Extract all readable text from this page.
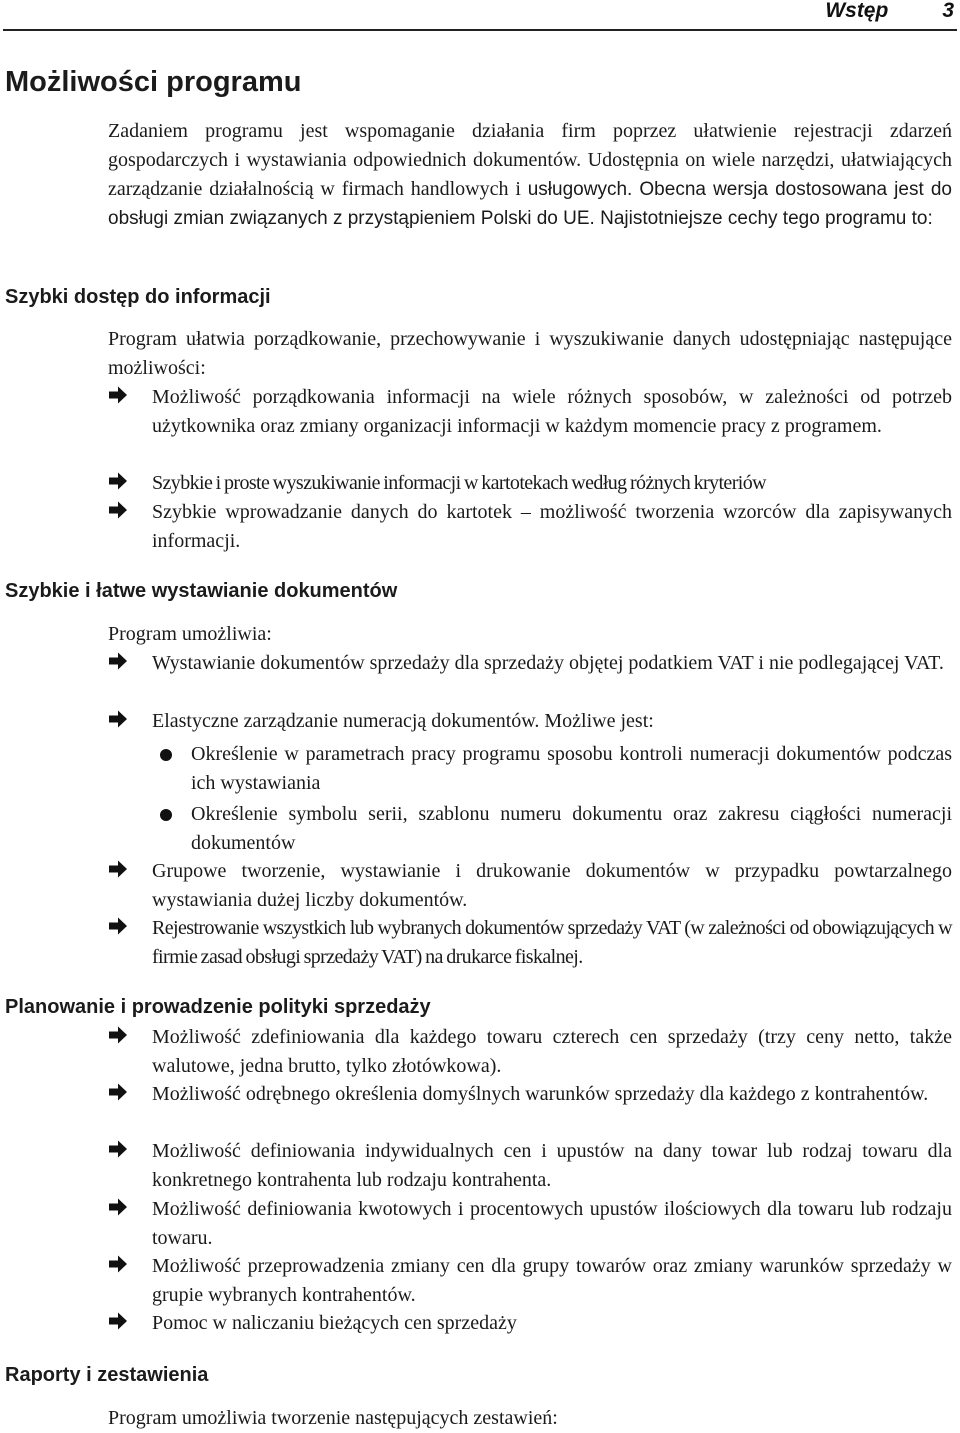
Wstęp	3
Możliwości programu

Zadaniem programu jest wspomaganie działania firm poprzez ułatwienie rejestracji zdarzeń gospodarczych i wystawiania odpowiednich dokumentów. Udostępnia on wiele narzędzi, ułatwiających zarządzanie działalnością w firmach handlowych i usługowych. Obecna wersja dostosowana jest do obsługi zmian związanych z przystąpieniem Polski do UE. Najistotniejsze cechy tego programu to:

Szybki dostęp do informacji

Program ułatwia porządkowanie, przechowywanie i wyszukiwanie danych udostępniając następujące możliwości:

Możliwość porządkowania informacji na wiele różnych sposobów, w zależności od potrzeb użytkownika oraz zmiany organizacji informacji w każdym momencie pracy z programem.
Szybkie i proste wyszukiwanie informacji w kartotekach według różnych kryteriów
Szybkie wprowadzanie danych do kartotek – możliwość tworzenia wzorców dla zapisywanych informacji.
Szybkie i łatwe wystawianie dokumentów

Program umożliwia:

Wystawianie dokumentów sprzedaży dla sprzedaży objętej podatkiem VAT i nie podlegającej VAT.
Elastyczne zarządzanie numeracją dokumentów. Możliwe jest:
Określenie w parametrach pracy programu sposobu kontroli numeracji dokumentów podczas ich wystawiania
Określenie symbolu serii, szablonu numeru dokumentu oraz zakresu ciągłości numeracji dokumentów
Grupowe tworzenie, wystawianie i drukowanie dokumentów w przypadku powtarzalnego wystawiania dużej liczby dokumentów.
Rejestrowanie wszystkich lub wybranych dokumentów sprzedaży VAT (w zależności od obowiązujących w firmie zasad obsługi sprzedaży VAT) na drukarce fiskalnej.
Planowanie i prowadzenie polityki sprzedaży
Możliwość zdefiniowania dla każdego towaru czterech cen sprzedaży (trzy ceny netto, także walutowe, jedna brutto, tylko złotówkowa).
Możliwość odrębnego określenia domyślnych warunków sprzedaży dla każdego z kontrahentów.
Możliwość definiowania indywidualnych cen i upustów na dany towar lub rodzaj towaru dla konkretnego kontrahenta lub rodzaju kontrahenta.
Możliwość definiowania kwotowych i procentowych upustów ilościowych dla towaru lub rodzaju towaru.
Możliwość przeprowadzenia zmiany cen dla grupy towarów oraz zmiany warunków sprzedaży w grupie wybranych kontrahentów.
Pomoc w naliczaniu bieżących cen sprzedaży
Raporty i zestawienia

Program umożliwia tworzenie następujących zestawień:
